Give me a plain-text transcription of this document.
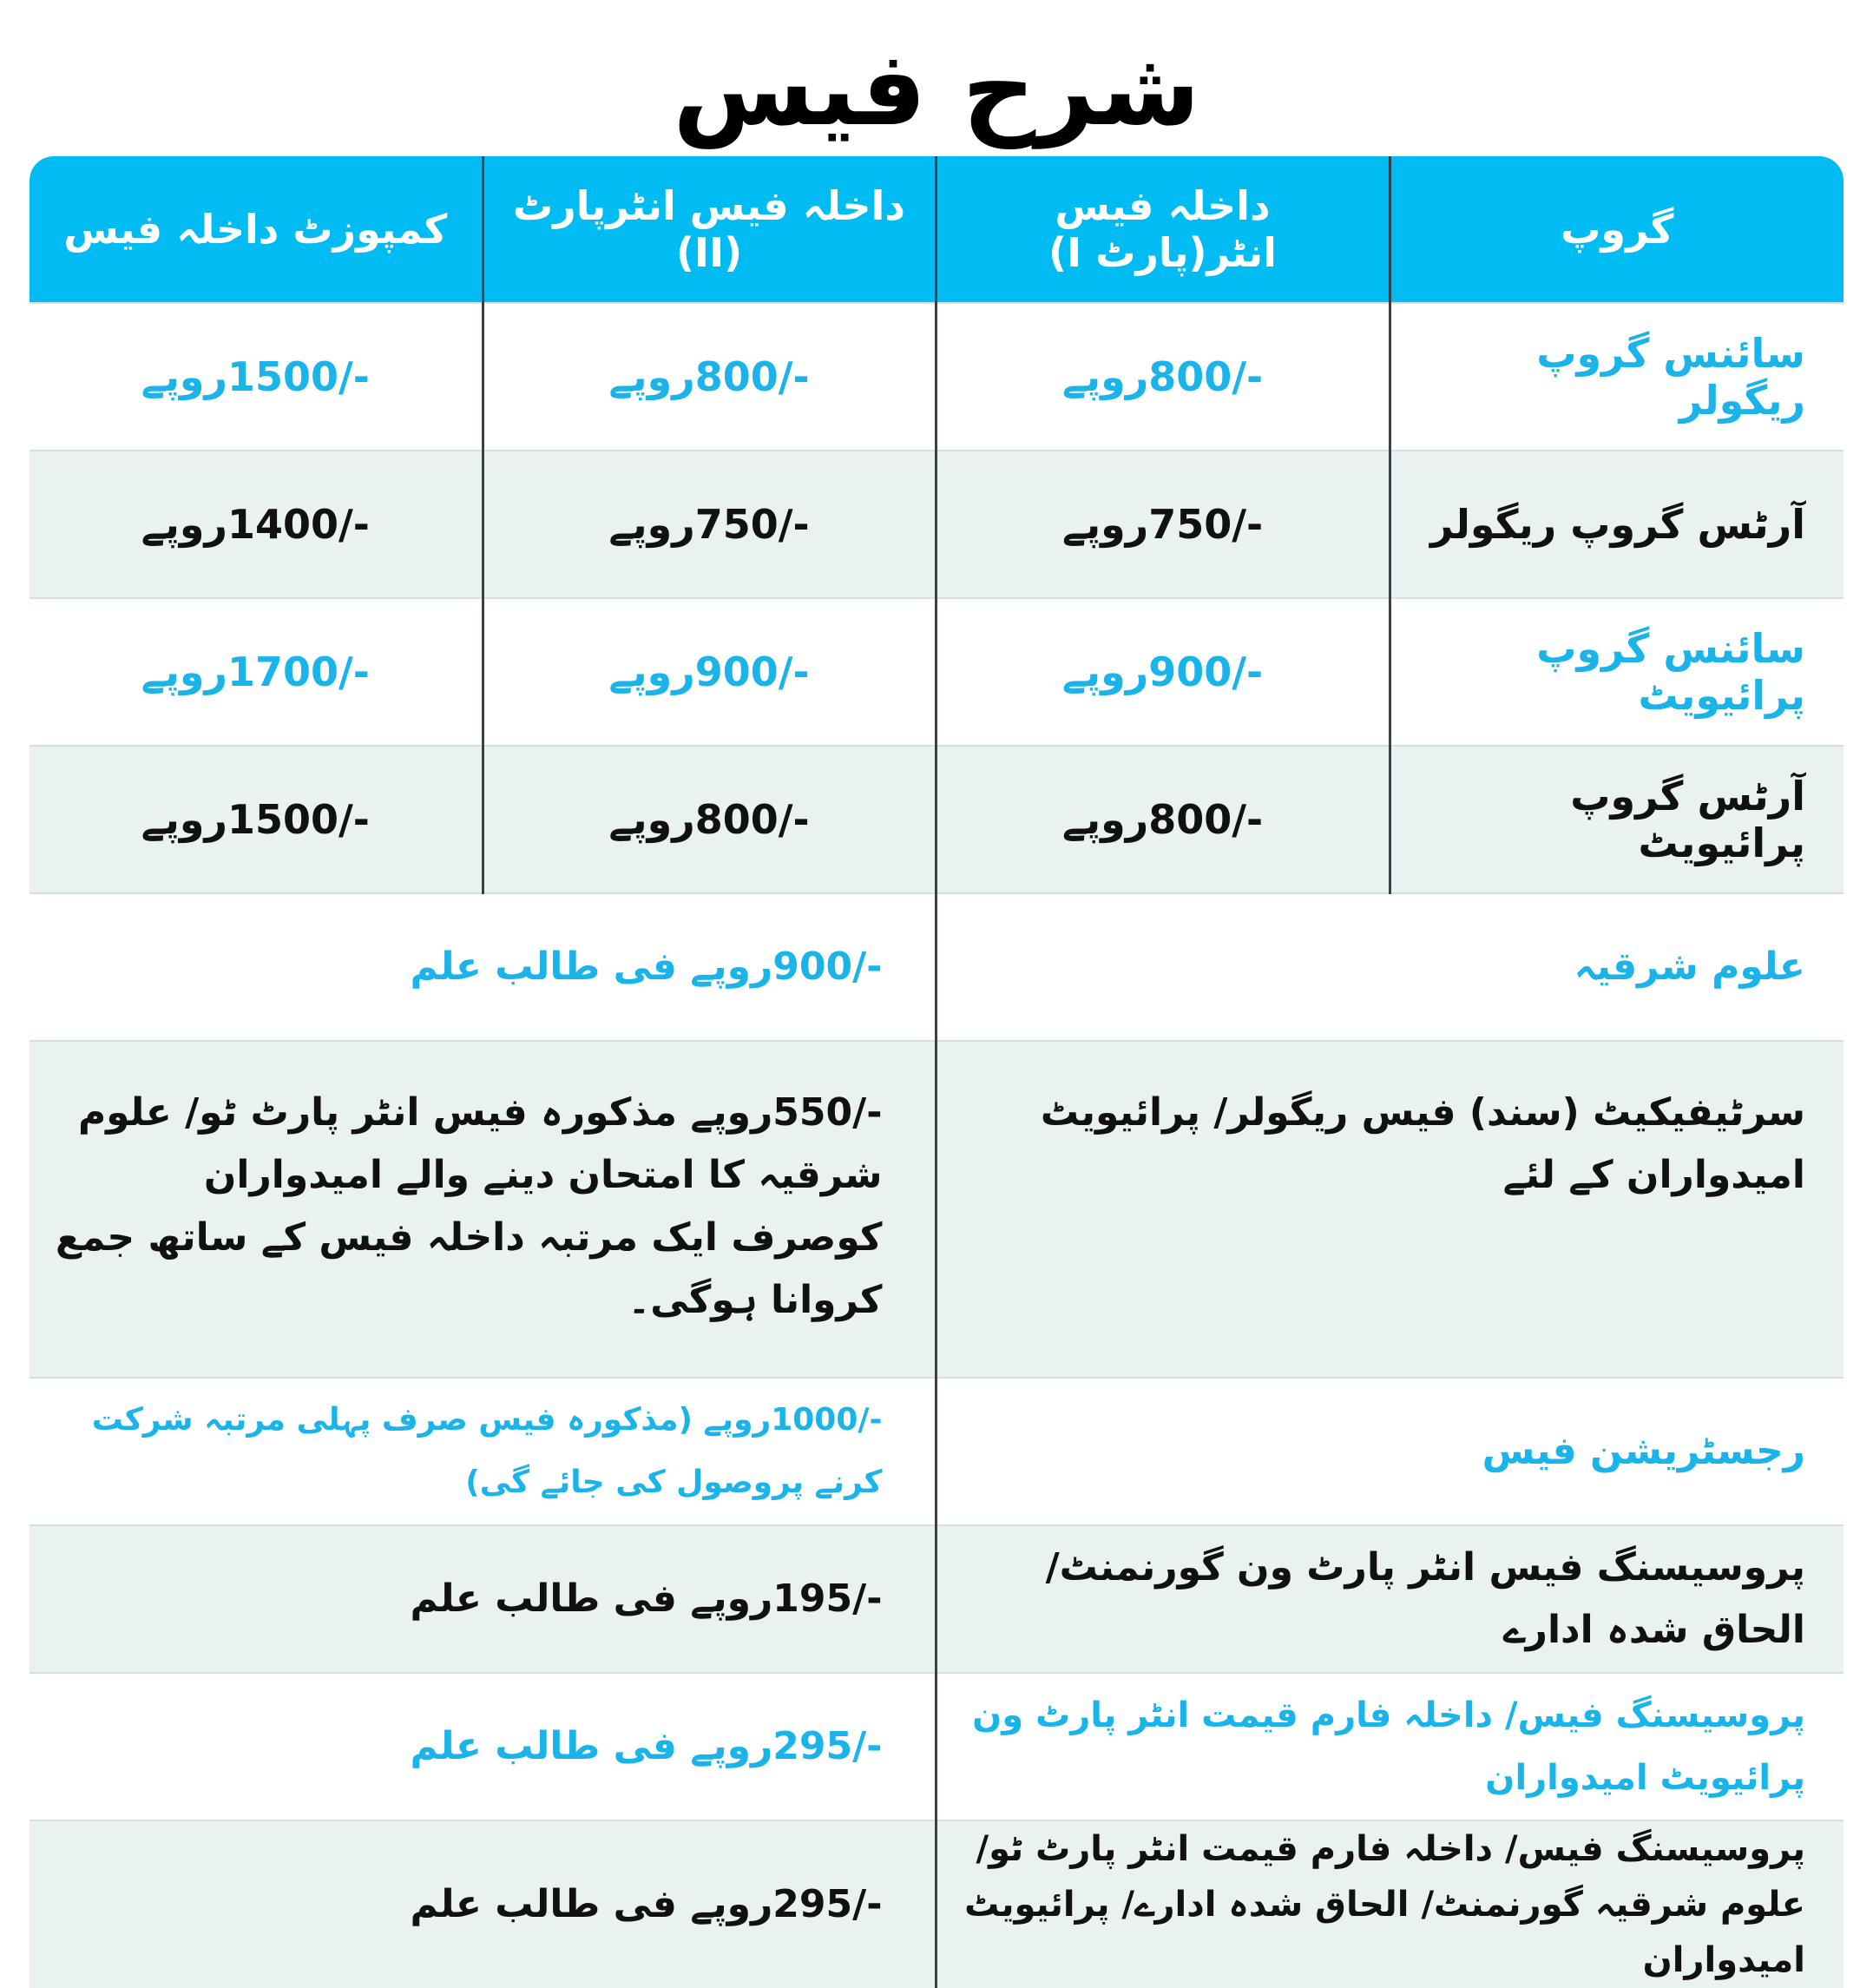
شرح فیس
گروپ	داخلہ فیس انٹر(پارٹ I)	داخلہ فیس انٹرپارٹ (II)	کمپوزٹ داخلہ فیس
سائنس گروپ ریگولر	-/800روپے	-/800روپے	-/1500روپے
آرٹس گروپ ریگولر	-/750روپے	-/750روپے	-/1400روپے
سائنس گروپ پرائیویٹ	-/900روپے	-/900روپے	-/1700روپے
آرٹس گروپ پرائیویٹ	-/800روپے	-/800روپے	-/1500روپے
علوم شرقیہ		-/900روپے فی طالب علم	
سرٹیفیکیٹ (سند) فیس ریگولر/ پرائیویٹ امیدواران کے لئے		-/550روپے مذکورہ فیس انٹر پارٹ ٹو/ علوم شرقیہ کا امتحان دینے والے امیدواران کوصرف ایک مرتبہ داخلہ فیس کے ساتھ جمع کروانا ہوگی۔	
رجسٹریشن فیس		-/1000روپے (مذکورہ فیس صرف پہلی مرتبہ شرکت کرنے پروصول کی جائے گی)	
پروسیسنگ فیس انٹر پارٹ ون گورنمنٹ/ الحاق شدہ ادارے		-/195روپے فی طالب علم	
پروسیسنگ فیس/ داخلہ فارم قیمت انٹر پارٹ ون پرائیویٹ امیدواران		-/295روپے فی طالب علم	
پروسیسنگ فیس/ داخلہ فارم قیمت انٹر پارٹ ٹو/ علوم شرقیہ گورنمنٹ/ الحاق شدہ ادارے/ پرائیویٹ امیدواران		-/295روپے فی طالب علم	
